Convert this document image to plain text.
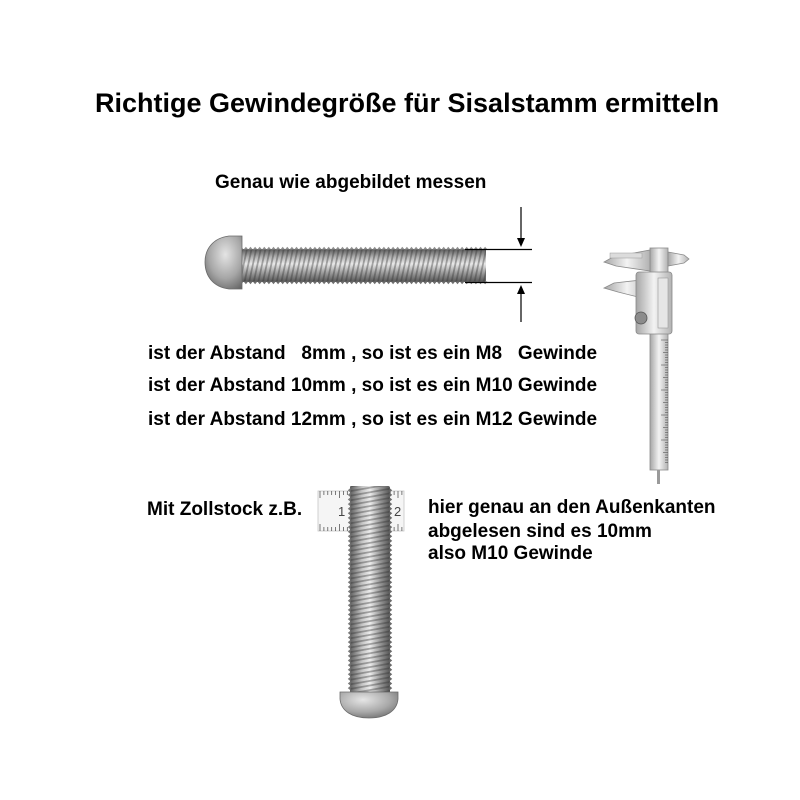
1	2
Richtige Gewindegröße für Sisalstamm ermitteln

Genau wie abgebildet messen

ist der Abstand   8mm , so ist es ein M8   Gewinde

ist der Abstand 10mm , so ist es ein M10 Gewinde

ist der Abstand 12mm , so ist es ein M12 Gewinde

Mit Zollstock z.B.	hier genau an den Außenkanten

abgelesen sind es 10mm

also M10 Gewinde
